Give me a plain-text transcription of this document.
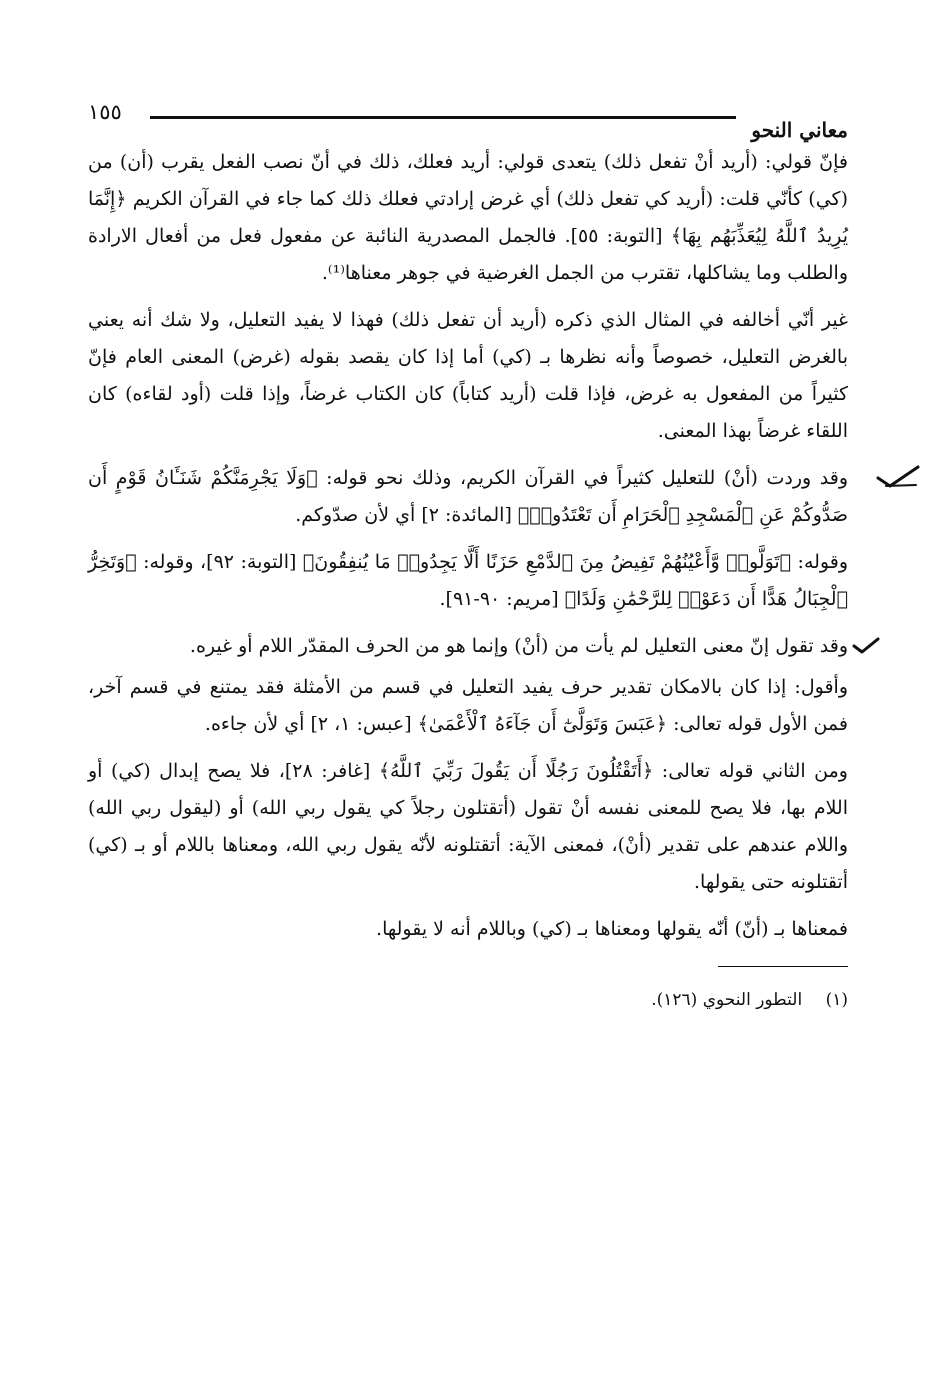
معاني النحو
١٥٥

فإنّ قولي: (أريد أنْ تفعل ذلك) يتعدى قولي: أريد فعلك، ذلك في أنّ نصب الفعل يقرب (أن) من (كي) كأنّي قلت: (أريد كي تفعل ذلك) أي غرض إرادتي فعلك ذلك كما جاء في القرآن الكريم ﴿إِنَّمَا يُرِيدُ ٱللَّهُ لِيُعَذِّبَهُم بِهَا﴾ [التوبة: ٥٥]. فالجمل المصدرية النائبة عن مفعول فعل من أفعال الارادة والطلب وما يشاكلها، تقترب من الجمل الغرضية في جوهر معناها⁽¹⁾.

غير أنّي أخالفه في المثال الذي ذكره (أريد أن تفعل ذلك) فهذا لا يفيد التعليل، ولا شك أنه يعني بالغرض التعليل، خصوصاً وأنه نظرها بـ (كي) أما إذا كان يقصد بقوله (غرض) المعنى العام فإنّ كثيراً من المفعول به غرض، فإذا قلت (أريد كتاباً) كان الكتاب غرضاً، وإذا قلت (أود لقاءه) كان اللقاء غرضاً بهذا المعنى.

وقد وردت (أنْ) للتعليل كثيراً في القرآن الكريم، وذلك نحو قوله: ﴿وَلَا يَجْرِمَنَّكُمْ شَنَـَٔانُ قَوْمٍ أَن صَدُّوكُمْ عَنِ ٱلْمَسْجِدِ ٱلْحَرَامِ أَن تَعْتَدُوا۟﴾ [المائدة: ٢] أي لأن صدّوكم.

وقوله: ﴿تَوَلَّوا۟ وَّأَعْيُنُهُمْ تَفِيضُ مِنَ ٱلدَّمْعِ حَزَنًا أَلَّا يَجِدُوا۟ مَا يُنفِقُونَ﴾ [التوبة: ٩٢]، وقوله: ﴿وَتَخِرُّ ٱلْجِبَالُ هَدًّا أَن دَعَوْا۟ لِلرَّحْمَٰنِ وَلَدًا﴾ [مريم: ٩٠-٩١].

وقد تقول إنّ معنى التعليل لم يأت من (أنْ) وإنما هو من الحرف المقدّر اللام أو غيره.

وأقول: إذا كان بالامكان تقدير حرف يفيد التعليل في قسم من الأمثلة فقد يمتنع في قسم آخر، فمن الأول قوله تعالى: ﴿عَبَسَ وَتَوَلَّىٰٓ أَن جَآءَهُ ٱلْأَعْمَىٰ﴾ [عبس: ١، ٢] أي لأن جاءه.

ومن الثاني قوله تعالى: ﴿أَتَقْتُلُونَ رَجُلًا أَن يَقُولَ رَبِّيَ ٱللَّهُ﴾ [غافر: ٢٨]، فلا يصح إبدال (كي) أو اللام بها، فلا يصح للمعنى نفسه أنْ تقول (أتقتلون رجلاً كي يقول ربي الله) أو (ليقول ربي الله) واللام عندهم على تقدير (أنْ)، فمعنى الآية: أتقتلونه لأنّه يقول ربي الله، ومعناها باللام أو بـ (كي) أتقتلونه حتى يقولها.

فمعناها بـ (أنّ) أنّه يقولها ومعناها بـ (كي) وباللام أنه لا يقولها.

(١) التطور النحوي (١٢٦).
